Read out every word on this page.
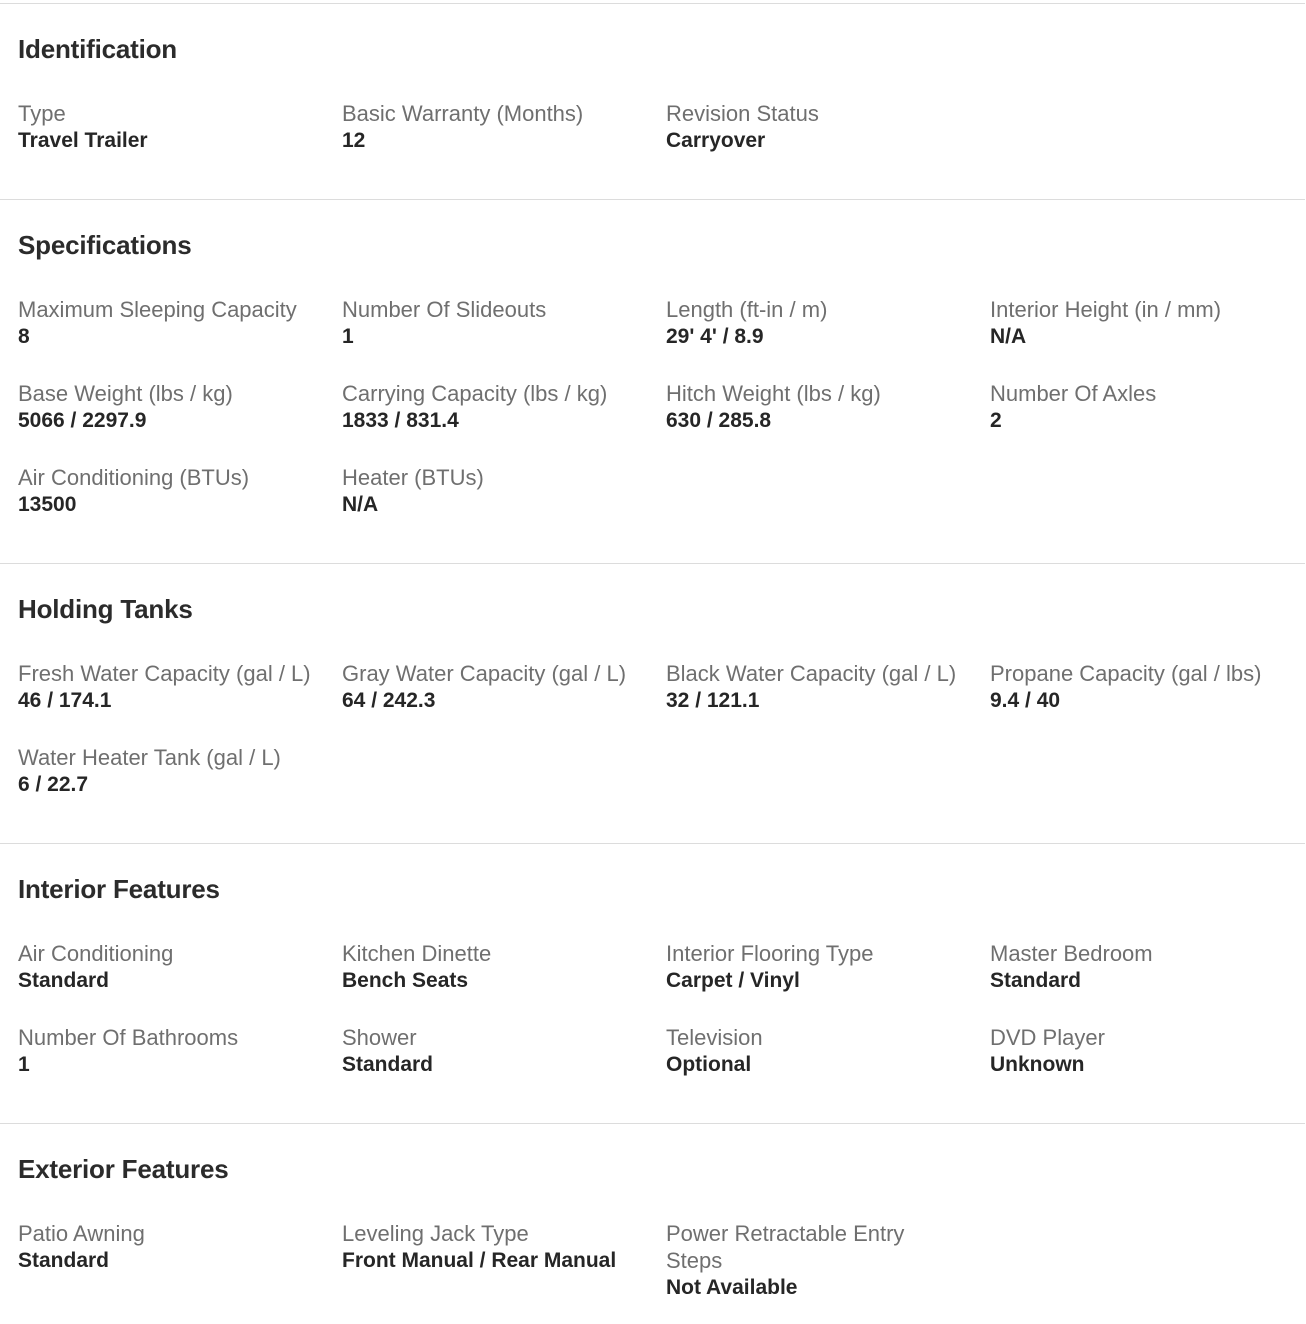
Identification
Type
Travel Trailer
Basic Warranty (Months)
12
Revision Status
Carryover
Specifications
Maximum Sleeping Capacity
8
Number Of Slideouts
1
Length (ft-in / m)
29' 4' / 8.9
Interior Height (in / mm)
N/A
Base Weight (lbs / kg)
5066 / 2297.9
Carrying Capacity (lbs / kg)
1833 / 831.4
Hitch Weight (lbs / kg)
630 / 285.8
Number Of Axles
2
Air Conditioning (BTUs)
13500
Heater (BTUs)
N/A
Holding Tanks
Fresh Water Capacity (gal / L)
46 / 174.1
Gray Water Capacity (gal / L)
64 / 242.3
Black Water Capacity (gal / L)
32 / 121.1
Propane Capacity (gal / lbs)
9.4 / 40
Water Heater Tank (gal / L)
6 / 22.7
Interior Features
Air Conditioning
Standard
Kitchen Dinette
Bench Seats
Interior Flooring Type
Carpet / Vinyl
Master Bedroom
Standard
Number Of Bathrooms
1
Shower
Standard
Television
Optional
DVD Player
Unknown
Exterior Features
Patio Awning
Standard
Leveling Jack Type
Front Manual / Rear Manual
Power Retractable Entry Steps
Not Available
